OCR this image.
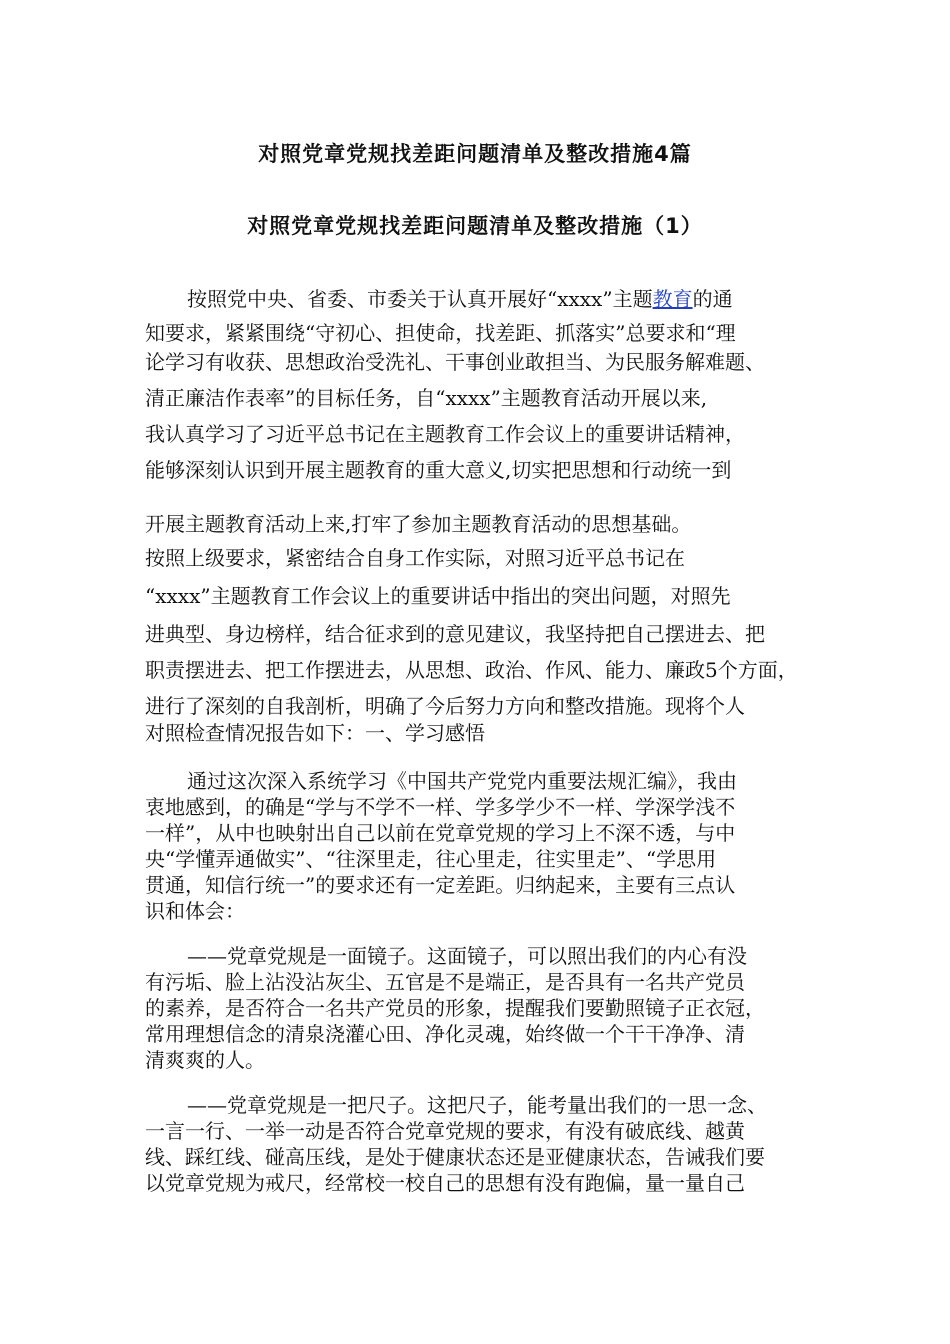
对照党章党规找差距问题清单及整改措施4篇
对照党章党规找差距问题清单及整改措施（1）

按照党中央、省委、市委关于认真开展好“xxxx”主题教育的通

知要求，紧紧围绕“守初心、担使命，找差距、抓落实”总要求和“理

论学习有收获、思想政治受洗礼、干事创业敢担当、为民服务解难题、

清正廉洁作表率”的目标任务，自“xxxx”主题教育活动开展以来,

我认真学习了习近平总书记在主题教育工作会议上的重要讲话精神，

能够深刻认识到开展主题教育的重大意义,切实把思想和行动统一到

开展主题教育活动上来,打牢了参加主题教育活动的思想基础。

按照上级要求，紧密结合自身工作实际，对照习近平总书记在

“xxxx”主题教育工作会议上的重要讲话中指出的突出问题，对照先

进典型、身边榜样，结合征求到的意见建议，我坚持把自己摆进去、把

职责摆进去、把工作摆进去，从思想、政治、作风、能力、廉政5个方面，

进行了深刻的自我剖析，明确了今后努力方向和整改措施。现将个人

对照检查情况报告如下：一、学习感悟

通过这次深入系统学习《中国共产党党内重要法规汇编》，我由

衷地感到，的确是“学与不学不一样、学多学少不一样、学深学浅不

一样”，从中也映射出自己以前在党章党规的学习上不深不透，与中

央“学懂弄通做实”、“往深里走，往心里走，往实里走”、“学思用

贯通，知信行统一”的要求还有一定差距。归纳起来，主要有三点认

识和体会：

——党章党规是一面镜子。这面镜子，可以照出我们的内心有没

有污垢、脸上沾没沾灰尘、五官是不是端正，是否具有一名共产党员

的素养，是否符合一名共产党员的形象，提醒我们要勤照镜子正衣冠，

常用理想信念的清泉浇灌心田、净化灵魂，始终做一个干干净净、清

清爽爽的人。

——党章党规是一把尺子。这把尺子，能考量出我们的一思一念、

一言一行、一举一动是否符合党章党规的要求，有没有破底线、越黄

线、踩红线、碰高压线，是处于健康状态还是亚健康状态，告诫我们要

以党章党规为戒尺，经常校一校自己的思想有没有跑偏，量一量自己
